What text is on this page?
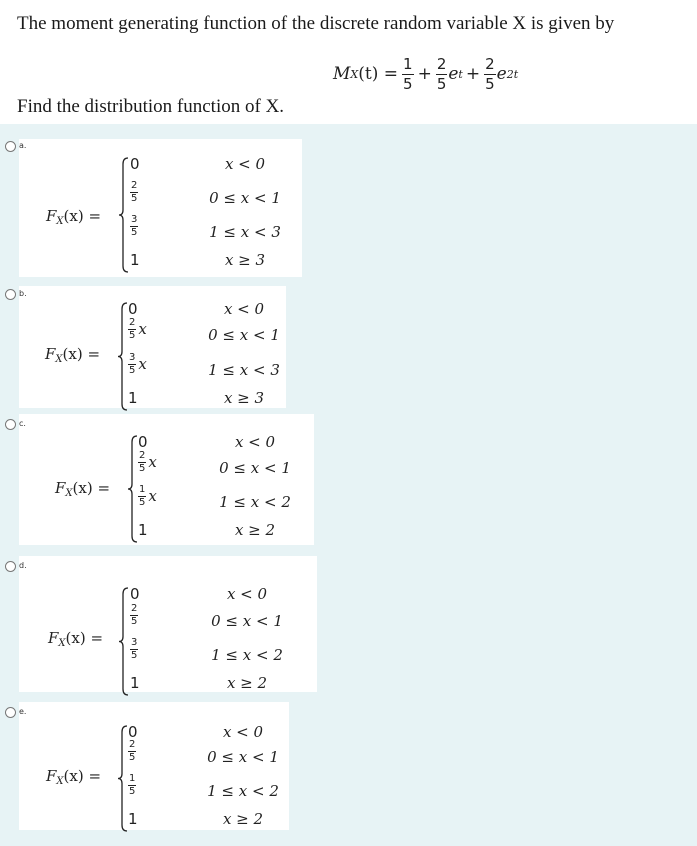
The moment generating function of the discrete random variable X is given by
M X $(t) = \frac{1}{5} + \frac{2}{5}$ e $t + \frac{2}{5}$ e 2t
Find the distribution function of X.
a.
$F_X(x)$ =
0
$\frac{2}{5}$
$\frac{3}{5}$
1
x < 0
0 ≤ x < 1
1 ≤ x < 3
x ≥ 3
b.
$F_X(x)$ =
0
$\frac{2}{5}$ x
$\frac{3}{5}$ x
1
x < 0
0 ≤ x < 1
1 ≤ x < 3
x ≥ 3
c.
$F_X(x)$ =
0
$\frac{2}{5}$ x
$\frac{1}{5}$ x
1
x < 0
0 ≤ x < 1
1 ≤ x < 2
x ≥ 2
d.
$F_X(x)$ =
0
$\frac{2}{5}$
$\frac{3}{5}$
1
x < 0
0 ≤ x < 1
1 ≤ x < 2
x ≥ 2
e.
$F_X(x)$ =
0
$\frac{2}{5}$
$\frac{1}{5}$
1
x < 0
0 ≤ x < 1
1 ≤ x < 2
x ≥ 2
